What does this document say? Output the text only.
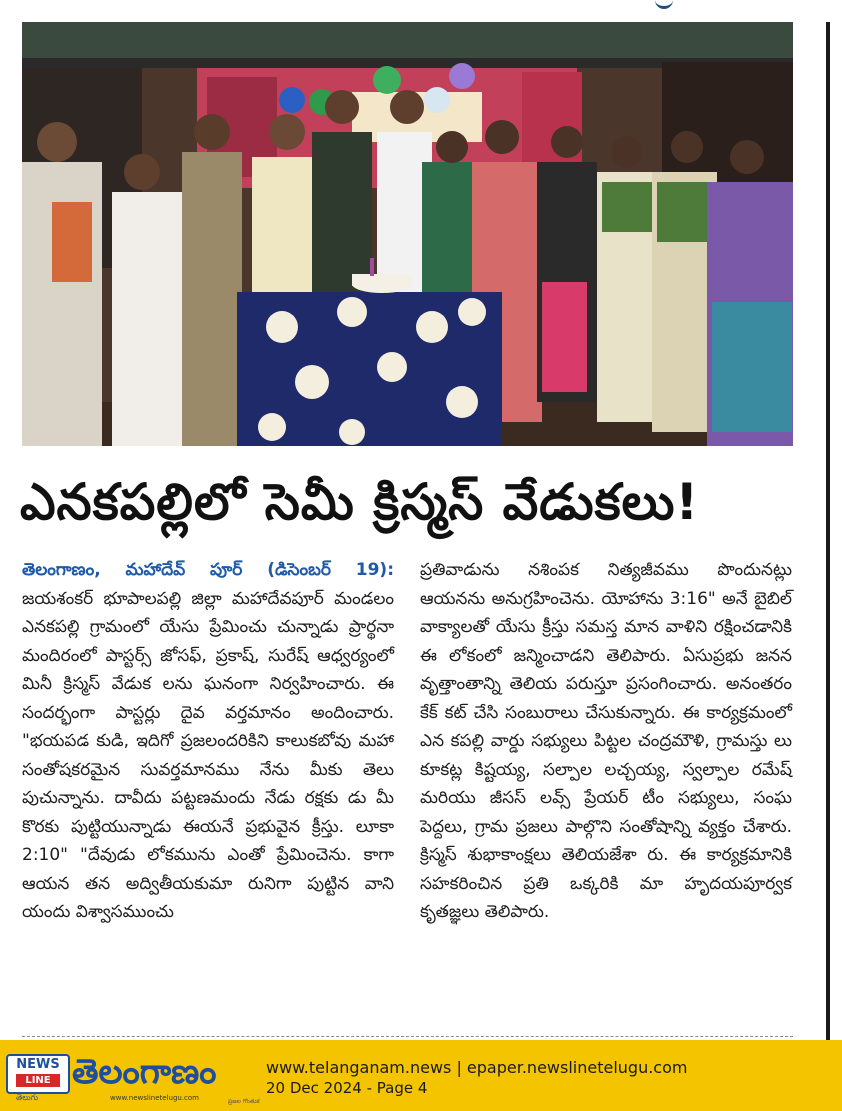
ఎనకపల్లిలో సెమీ క్రిస్మస్ వేడుకలు!
తెలంగాణం, మహాదేవ్ పూర్ (డిసెంబర్ 19): జయశంకర్ భూపాలపల్లి జిల్లా మహాదేవపూర్ మండలం ఎనకపల్లి గ్రామంలో యేసు ప్రేమించు చున్నాడు ప్రార్థనా మందిరంలో పాస్టర్స్ జోసఫ్, ప్రకాష్, సురేష్ ఆధ్వర్యంలో మినీ క్రిస్మస్ వేడుక లను ఘనంగా నిర్వహించారు. ఈ సందర్భంగా పాస్టర్లు దైవ వర్తమానం అందించారు. "భయపడ కుడి, ఇదిగో ప్రజలందరికిని కాలుకబోవు మహా సంతోషకరమైన సువర్తమానము నేను మీకు తెలు పుచున్నాను. దావీదు పట్టణమందు నేడు రక్షకు డు మీ కొరకు పుట్టియున్నాడు ఈయనే ప్రభువైన క్రీస్తు. లూకా 2:10" "దేవుడు లోకమును ఎంతో ప్రేమించెను. కాగా ఆయన తన అద్వితీయకుమా రునిగా పుట్టిన వాని యందు విశ్వాసముంచు
ప్రతివాడును నశింపక నిత్యజీవము పొందునట్లు ఆయనను అనుగ్రహించెను. యోహాను 3:16" అనే బైబిల్ వాక్యాలతో యేసు క్రీస్తు సమస్త మాన వాళిని రక్షించడానికి ఈ లోకంలో జన్మించాడని తెలిపారు. ఏసుప్రభు జనన వృత్తాంతాన్ని తెలియ పరుస్తూ ప్రసంగించారు. అనంతరం కేక్ కట్ చేసి సంబురాలు చేసుకున్నారు. ఈ కార్యక్రమంలో ఎన కపల్లి వార్డు సభ్యులు పిట్టల చంద్రమౌళి, గ్రామస్తు లు కూకట్ల కిష్టయ్య, సల్పాల లచ్చయ్య, స్వల్పాల రమేష్ మరియు జీసస్ లవ్స్ ప్రేయర్ టీం సభ్యులు, సంఘ పెద్దలు, గ్రామ ప్రజలు పాల్గొని సంతోషాన్ని వ్యక్తం చేశారు. క్రిస్మస్ శుభాకాంక్షలు తెలియజేశా రు. ఈ కార్యక్రమానికి సహకరించిన ప్రతి ఒక్కరికి మా హృదయపూర్వక కృతజ్ఞలు తెలిపారు.
NEWS
LINE
తెలుగు
తెలంగాణం
www.newslinetelugu.com	ప్రజల గొంతుక
www.telanganam.news | epaper.newslinetelugu.com
20 Dec 2024 - Page 4
